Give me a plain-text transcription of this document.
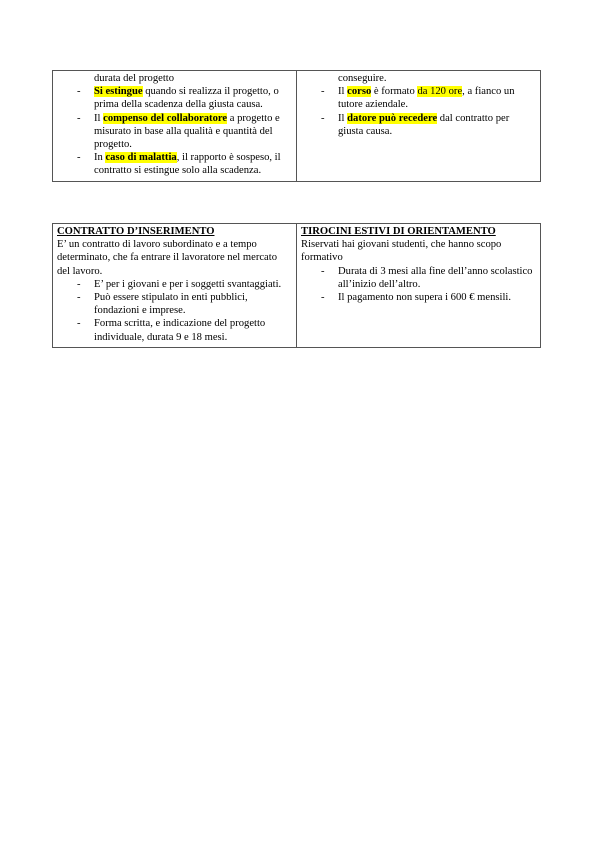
durata del progetto
- Si estingue quando si realizza il progetto, o prima della scadenza della giusta causa.
- Il compenso del collaboratore a progetto e misurato in base alla qualità e quantità del progetto.
- In caso di malattia, il rapporto è sospeso, il contratto si estingue solo alla scadenza.

conseguire.
- Il corso è formato da 120 ore, a fianco un tutore aziendale.
- Il datore può recedere dal contratto per giusta causa.
CONTRATTO D’INSERIMENTO
E’ un contratto di lavoro subordinato e a tempo determinato, che fa entrare il lavoratore nel mercato del lavoro.
- E’ per i giovani e per i soggetti svantaggiati.
- Può essere stipulato in enti pubblici, fondazioni e imprese.
- Forma scritta, e indicazione del progetto individuale, durata 9 e 18 mesi.

TIROCINI ESTIVI DI ORIENTAMENTO
Riservati hai giovani studenti, che hanno scopo formativo
- Durata di 3 mesi alla fine dell’anno scolastico all’inizio dell’altro.
- Il pagamento non supera i 600 € mensili.
